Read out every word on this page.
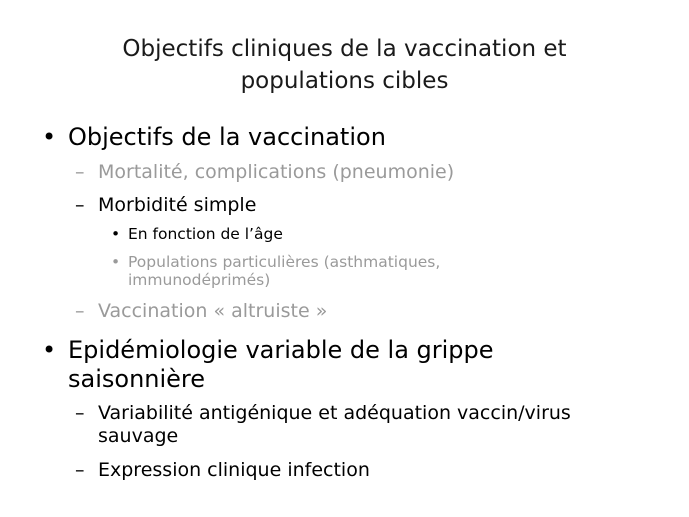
Objectifs cliniques de la vaccination et
populations cibles
• Objectifs de la vaccination
– Mortalité, complications (pneumonie)
– Morbidité simple
• En fonction de l’âge
• Populations particulières (asthmatiques,
immunodéprimés)
– Vaccination « altruiste »
• Epidémiologie variable de la grippe
saisonnière
– Variabilité antigénique et adéquation vaccin/virus
sauvage
– Expression clinique infection
